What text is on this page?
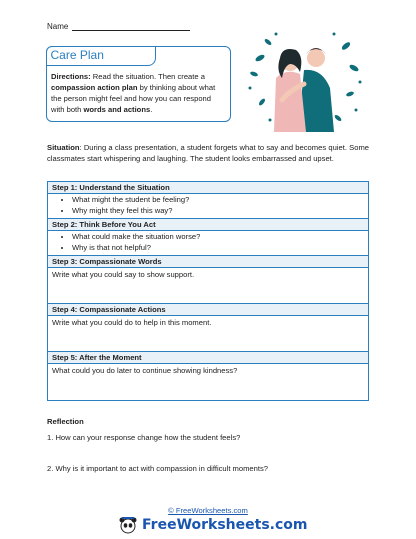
Name
Care Plan
Directions: Read the situation. Then create a compassion action plan by thinking about what the person might feel and how you can respond with both words and actions.
Situation: During a class presentation, a student forgets what to say and becomes quiet. Some classmates start whispering and laughing. The student looks embarrassed and upset.
Step 1: Understand the Situation
• What might the student be feeling?
• Why might they feel this way?
Step 2: Think Before You Act
• What could make the situation worse?
• Why is that not helpful?
Step 3: Compassionate Words
Write what you could say to show support.
Step 4: Compassionate Actions
Write what you could do to help in this moment.
Step 5: After the Moment
What could you do later to continue showing kindness?
Reflection
1. How can your response change how the student feels?
2. Why is it important to act with compassion in difficult moments?
© FreeWorksheets.com
FreeWorksheets.com
